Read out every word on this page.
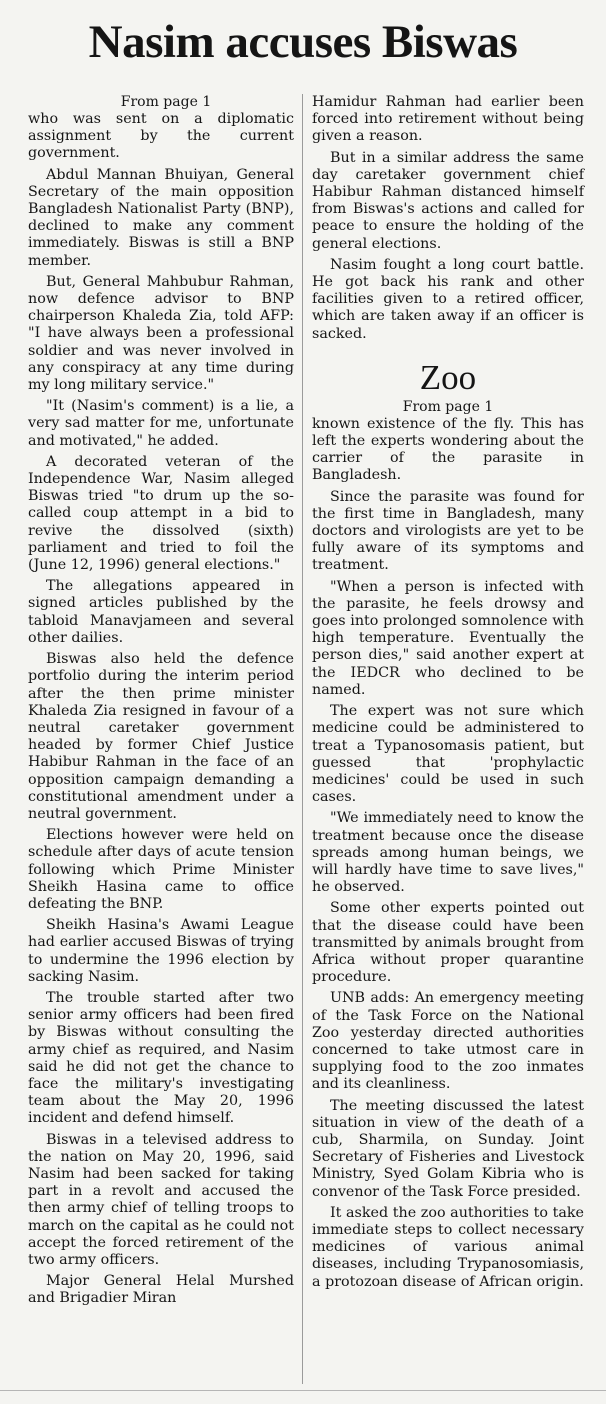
Nasim accuses Biswas
From page 1

who was sent on a diplomatic assignment by the current government.

Abdul Mannan Bhuiyan, General Secretary of the main opposition Bangladesh Nationalist Party (BNP), declined to make any comment immediately. Biswas is still a BNP member.

But, General Mahbubur Rahman, now defence advisor to BNP chairperson Khaleda Zia, told AFP: "I have always been a professional soldier and was never involved in any conspiracy at any time during my long military service."

"It (Nasim's comment) is a lie, a very sad matter for me, unfortunate and motivated," he added.

A decorated veteran of the Independence War, Nasim alleged Biswas tried "to drum up the so-called coup attempt in a bid to revive the dissolved (sixth) parliament and tried to foil the (June 12, 1996) general elections."

The allegations appeared in signed articles published by the tabloid Manavjameen and several other dailies.

Biswas also held the defence portfolio during the interim period after the then prime minister Khaleda Zia resigned in favour of a neutral caretaker government headed by former Chief Justice Habibur Rahman in the face of an opposition campaign demanding a constitutional amendment under a neutral government.

Elections however were held on schedule after days of acute tension following which Prime Minister Sheikh Hasina came to office defeating the BNP.

Sheikh Hasina's Awami League had earlier accused Biswas of trying to undermine the 1996 election by sacking Nasim.

The trouble started after two senior army officers had been fired by Biswas without consulting the army chief as required, and Nasim said he did not get the chance to face the military's investigating team about the May 20, 1996 incident and defend himself.

Biswas in a televised address to the nation on May 20, 1996, said Nasim had been sacked for taking part in a revolt and accused the then army chief of telling troops to march on the capital as he could not accept the forced retirement of the two army officers.

Major General Helal Murshed and Brigadier Miran

Hamidur Rahman had earlier been forced into retirement without being given a reason.

But in a similar address the same day caretaker government chief Habibur Rahman distanced himself from Biswas's actions and called for peace to ensure the holding of the general elections.

Nasim fought a long court battle. He got back his rank and other facilities given to a retired officer, which are taken away if an officer is sacked.

Zoo
From page 1

known existence of the fly. This has left the experts wondering about the carrier of the parasite in Bangladesh.

Since the parasite was found for the first time in Bangladesh, many doctors and virologists are yet to be fully aware of its symptoms and treatment.

"When a person is infected with the parasite, he feels drowsy and goes into prolonged somnolence with high temperature. Eventually the person dies," said another expert at the IEDCR who declined to be named.

The expert was not sure which medicine could be administered to treat a Typanosomasis patient, but guessed that 'prophylactic medicines' could be used in such cases.

"We immediately need to know the treatment because once the disease spreads among human beings, we will hardly have time to save lives," he observed.

Some other experts pointed out that the disease could have been transmitted by animals brought from Africa without proper quarantine procedure.

UNB adds: An emergency meeting of the Task Force on the National Zoo yesterday directed authorities concerned to take utmost care in supplying food to the zoo inmates and its cleanliness.

The meeting discussed the latest situation in view of the death of a cub, Sharmila, on Sunday. Joint Secretary of Fisheries and Livestock Ministry, Syed Golam Kibria who is convenor of the Task Force presided.

It asked the zoo authorities to take immediate steps to collect necessary medicines of various animal diseases, including Trypanosomiasis, a protozoan disease of African origin.
